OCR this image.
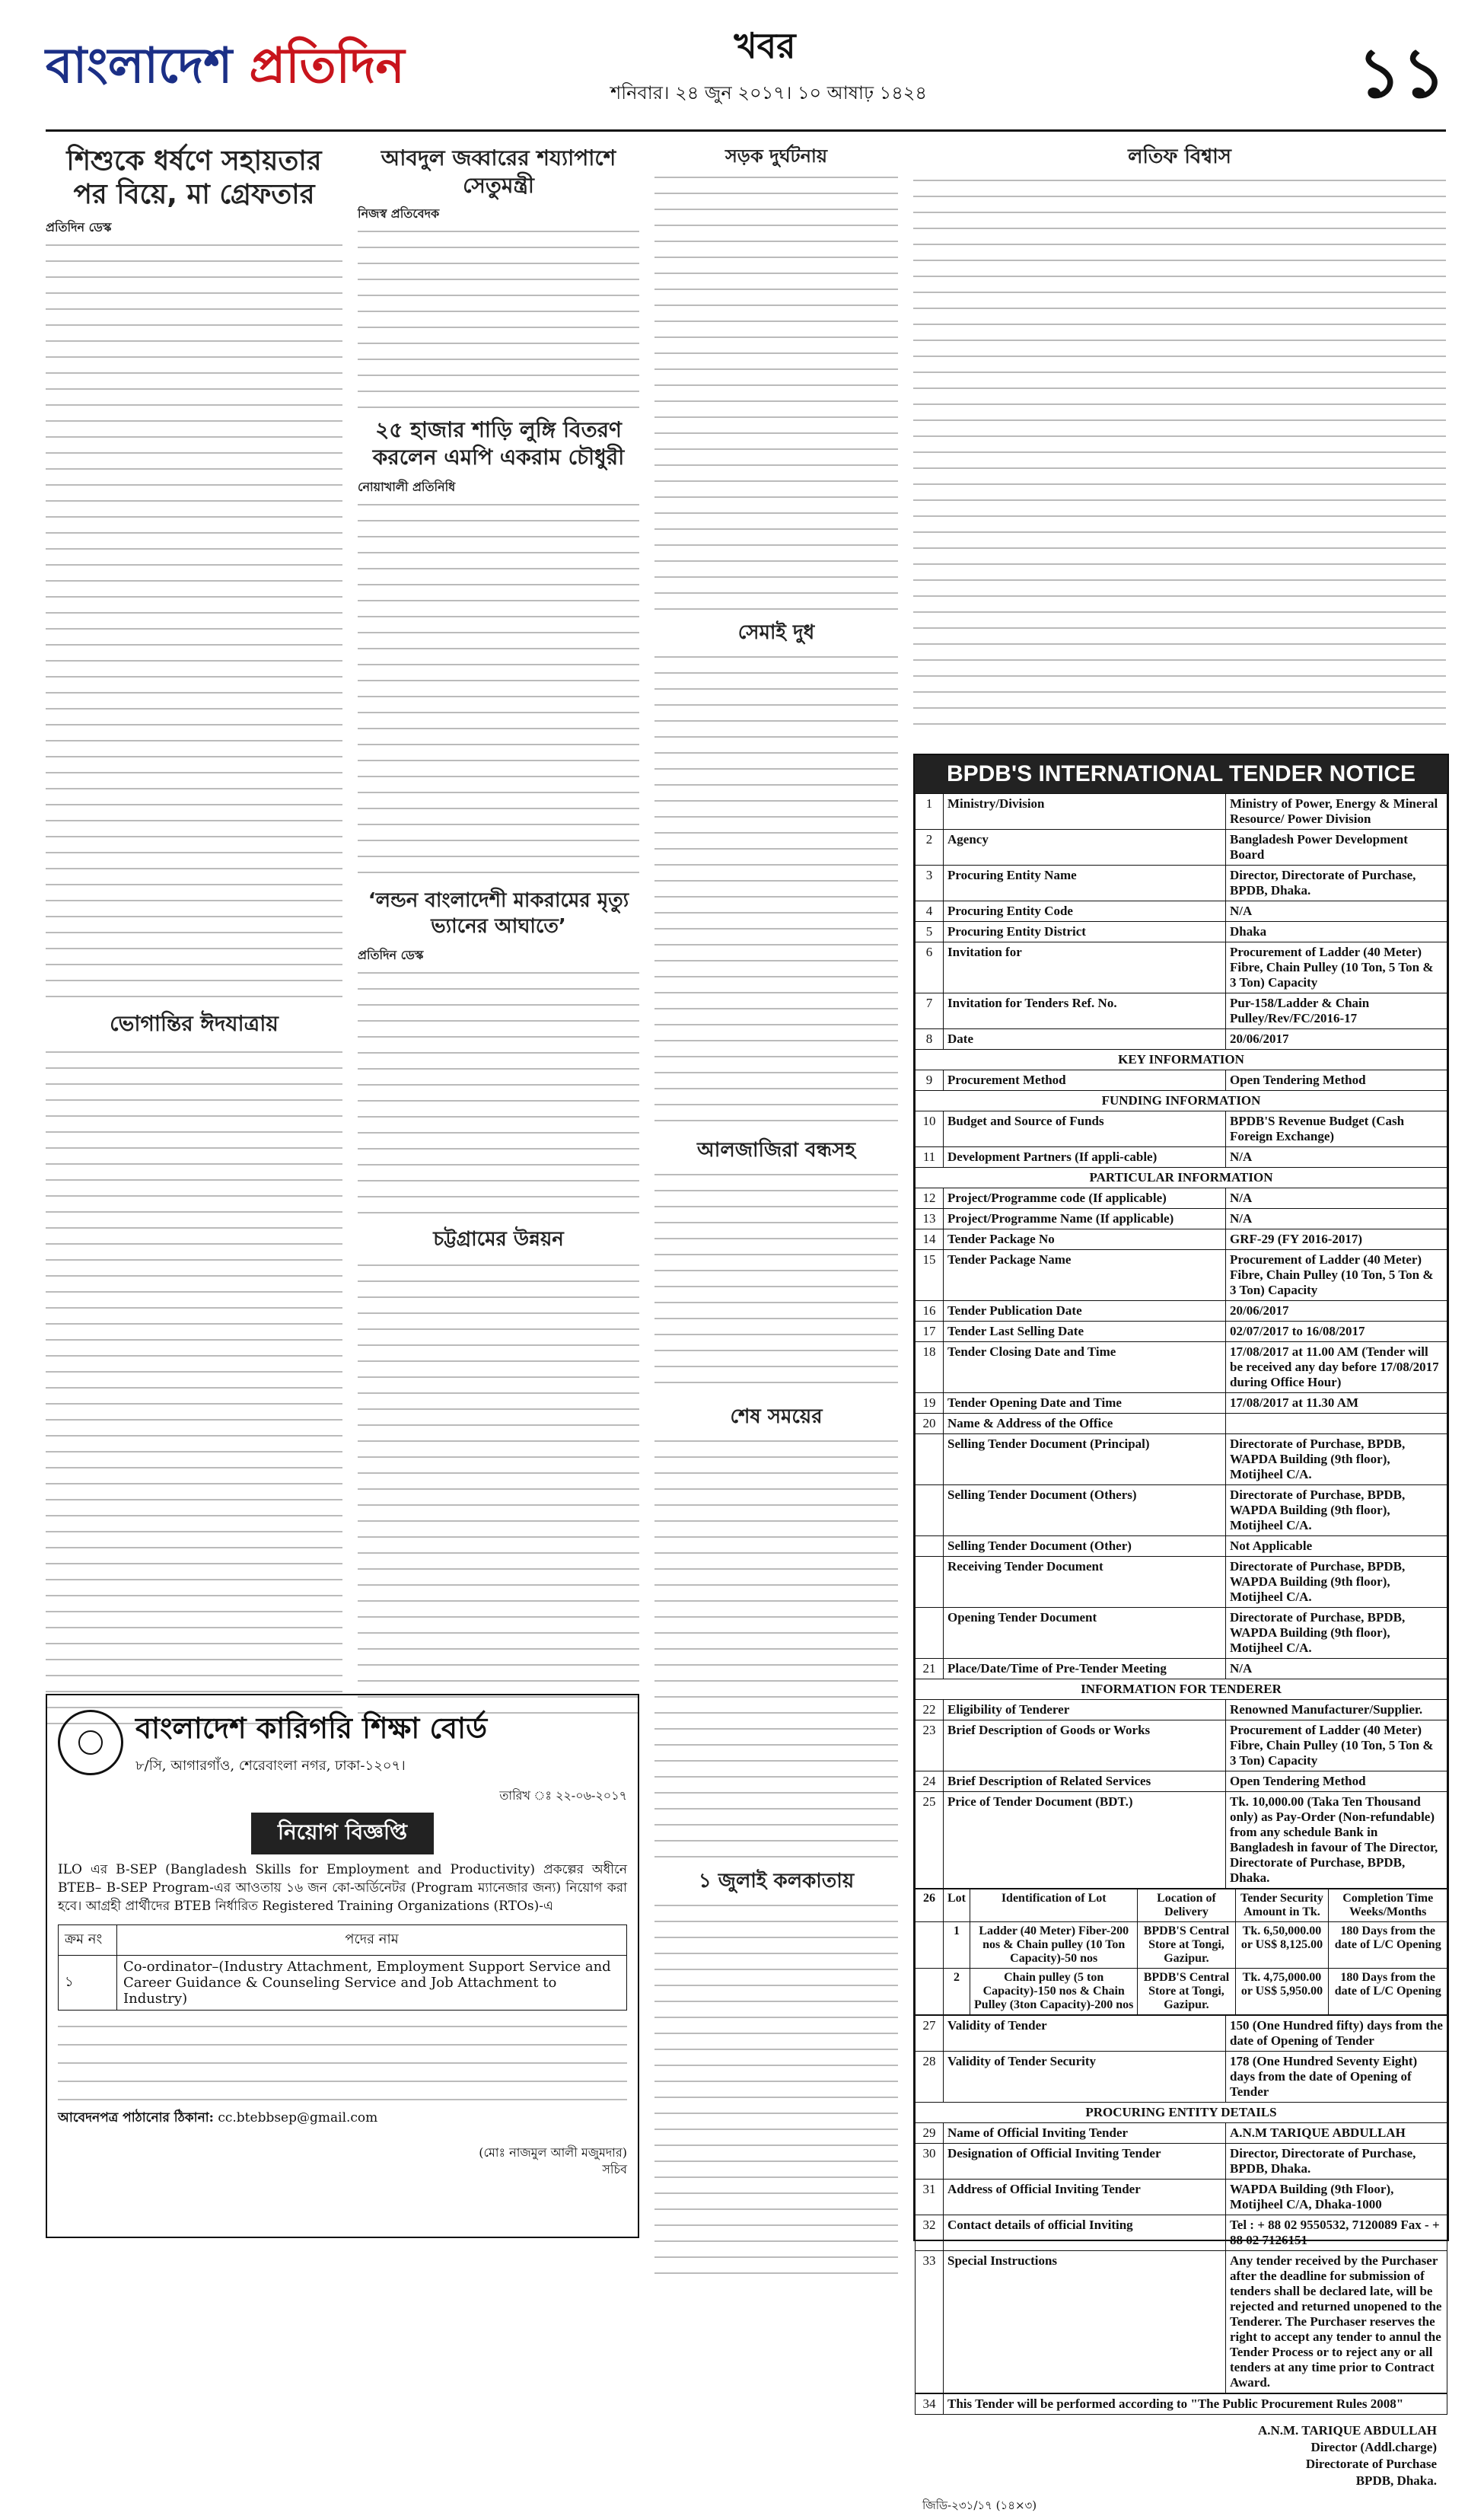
বাংলাদেশ প্রতিদিন	খবর
শনিবার। ২৪ জুন ২০১৭। ১০ আষাঢ় ১৪২৪	১১
শিশুকে ধর্ষণে সহায়তার পর বিয়ে, মা গ্রেফতার
প্রতিদিন ডেস্ক
ভোগান্তির ঈদযাত্রায়
আবদুল জব্বারের শয্যাপাশে সেতুমন্ত্রী
নিজস্ব প্রতিবেদক
২৫ হাজার শাড়ি লুঙ্গি বিতরণ করলেন এমপি একরাম চৌধুরী
নোয়াখালী প্রতিনিধি
‘লন্ডন বাংলাদেশী মাকরামের মৃত্যু ভ্যানের আঘাতে’
প্রতিদিন ডেস্ক
চট্টগ্রামের উন্নয়ন
সড়ক দুর্ঘটনায়
সেমাই দুধ
আলজাজিরা বন্ধসহ
শেষ সময়ের
১ জুলাই কলকাতায়
লতিফ বিশ্বাস
BPDB'S INTERNATIONAL TENDER NOTICE
1	Ministry/Division	Ministry of Power, Energy & Mineral Resource/ Power Division
2	Agency	Bangladesh Power Development Board
3	Procuring Entity Name	Director, Directorate of Purchase, BPDB, Dhaka.
4	Procuring Entity Code	N/A
5	Procuring Entity District	Dhaka
6	Invitation for	Procurement of Ladder (40 Meter) Fibre, Chain Pulley (10 Ton, 5 Ton & 3 Ton) Capacity
7	Invitation for Tenders Ref. No.	Pur-158/Ladder & Chain Pulley/Rev/FC/2016-17
8	Date	20/06/2017
KEY INFORMATION		
9	Procurement Method	Open Tendering Method
FUNDING INFORMATION		
10	Budget and Source of Funds	BPDB'S Revenue Budget (Cash Foreign Exchange)
11	Development Partners (If appli-cable)	N/A
PARTICULAR INFORMATION		
12	Project/Programme code (If applicable)	N/A
13	Project/Programme Name (If applicable)	N/A
14	Tender Package No	GRF-29 (FY 2016-2017)
15	Tender Package Name	Procurement of Ladder (40 Meter) Fibre, Chain Pulley (10 Ton, 5 Ton & 3 Ton) Capacity
16	Tender Publication Date	20/06/2017
17	Tender Last Selling Date	02/07/2017 to 16/08/2017
18	Tender Closing Date and Time	17/08/2017 at 11.00 AM (Tender will be received any day before 17/08/2017 during Office Hour)
19	Tender Opening Date and Time	17/08/2017 at 11.30 AM
20	Name & Address of the Office	
	Selling Tender Document (Principal)	Directorate of Purchase, BPDB, WAPDA Building (9th floor), Motijheel C/A.
	Selling Tender Document (Others)	Directorate of Purchase, BPDB, WAPDA Building (9th floor), Motijheel C/A.
	Selling Tender Document (Other)	Not Applicable
	Receiving Tender Document	Directorate of Purchase, BPDB, WAPDA Building (9th floor), Motijheel C/A.
	Opening Tender Document	Directorate of Purchase, BPDB, WAPDA Building (9th floor), Motijheel C/A.
21	Place/Date/Time of Pre-Tender Meeting	N/A
INFORMATION FOR TENDERER		
22	Eligibility of Tenderer	Renowned Manufacturer/Supplier.
23	Brief Description of Goods or Works	Procurement of Ladder (40 Meter) Fibre, Chain Pulley (10 Ton, 5 Ton & 3 Ton) Capacity
24	Brief Description of Related Services	Open Tendering Method
25	Price of Tender Document (BDT.)	Tk. 10,000.00 (Taka Ten Thousand only) as Pay-Order (Non-refundable) from any schedule Bank in Bangladesh in favour of The Director, Directorate of Purchase, BPDB, Dhaka.
26	Lot	Identification of Lot	Location of Delivery	Tender Security Amount in Tk.	Completion Time Weeks/Months
	1	Ladder (40 Meter) Fiber-200 nos & Chain pulley (10 Ton Capacity)-50 nos	BPDB'S Central Store at Tongi, Gazipur.	Tk. 6,50,000.00 or US$ 8,125.00	180 Days from the date of L/C Opening
	2	Chain pulley (5 ton Capacity)-150 nos & Chain Pulley (3ton Capacity)-200 nos	BPDB'S Central Store at Tongi, Gazipur.	Tk. 4,75,000.00 or US$ 5,950.00	180 Days from the date of L/C Opening
27	Validity of Tender	150 (One Hundred fifty) days from the date of Opening of Tender
28	Validity of Tender Security	178 (One Hundred Seventy Eight) days from the date of Opening of Tender
PROCURING ENTITY DETAILS		
29	Name of Official Inviting Tender	A.N.M TARIQUE ABDULLAH
30	Designation of Official Inviting Tender	Director, Directorate of Purchase, BPDB, Dhaka.
31	Address of Official Inviting Tender	WAPDA Building (9th Floor), Motijheel C/A, Dhaka-1000
32	Contact details of official Inviting	Tel : + 88 02 9550532, 7120089 Fax - + 88 02 7126151
33	Special Instructions	Any tender received by the Purchaser after the deadline for submission of tenders shall be declared late, will be rejected and returned unopened to the Tenderer. The Purchaser reserves the right to accept any tender to annul the Tender Process or to reject any or all tenders at any time prior to Contract Award.
34	This Tender will be performed according to "The Public Procurement Rules 2008"
A.N.M. TARIQUE ABDULLAH
Director (Addl.charge)
Directorate of Purchase
BPDB, Dhaka.
জিডি-২৩১/১৭ (১৪×৩)
বাংলাদেশ কারিগরি শিক্ষা বোর্ড
৮/সি, আগারগাঁও, শেরেবাংলা নগর, ঢাকা-১২০৭।

তারিখ ঃ ২২-০৬-২০১৭
নিয়োগ বিজ্ঞপ্তি
ILO এর B-SEP (Bangladesh Skills for Employment and Productivity) প্রকল্পের অধীনে BTEB– B-SEP Program-এর আওতায় ১৬ জন কো-অর্ডিনেটর (Program ম্যানেজার জন্য) নিয়োগ করা হবে। আগ্রহী প্রার্থীদের BTEB নির্ধারিত Registered Training Organizations (RTOs)-এ
ক্রম নং	পদের নাম
১	Co-ordinator–(Industry Attachment, Employment Support Service and Career Guidance & Counseling Service and Job Attachment to Industry)
আবেদনপত্র পাঠানোর ঠিকানা: cc.btebbsep@gmail.com
(মোঃ নাজমুল আলী মজুমদার)
সচিব
